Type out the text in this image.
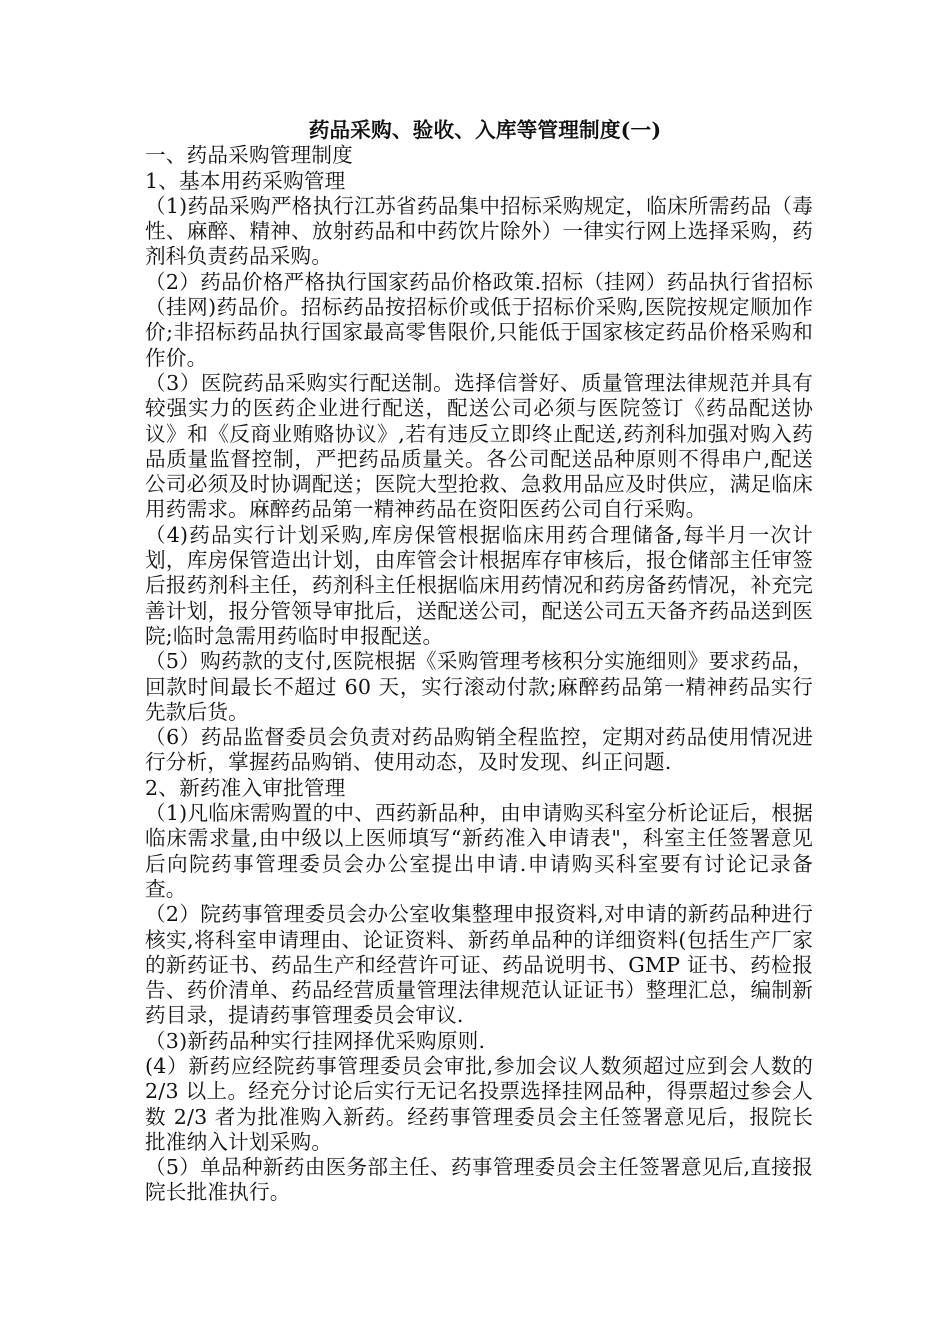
药品采购、验收、入库等管理制度(一)

一、药品采购管理制度

1、基本用药采购管理

（1)药品采购严格执行江苏省药品集中招标采购规定，临床所需药品（毒性、麻醉、精神、放射药品和中药饮片除外）一律实行网上选择采购，药剂科负责药品采购。

（2）药品价格严格执行国家药品价格政策.招标（挂网）药品执行省招标（挂网)药品价。招标药品按招标价或低于招标价采购,医院按规定顺加作价;非招标药品执行国家最高零售限价,只能低于国家核定药品价格采购和作价。

（3）医院药品采购实行配送制。选择信誉好、质量管理法律规范并具有较强实力的医药企业进行配送，配送公司必须与医院签订《药品配送协议》和《反商业贿赂协议》,若有违反立即终止配送,药剂科加强对购入药品质量监督控制，严把药品质量关。各公司配送品种原则不得串户,配送公司必须及时协调配送；医院大型抢救、急救用品应及时供应，满足临床用药需求。麻醉药品第一精神药品在资阳医药公司自行采购。

（4)药品实行计划采购,库房保管根据临床用药合理储备,每半月一次计划，库房保管造出计划，由库管会计根据库存审核后，报仓储部主任审签后报药剂科主任，药剂科主任根据临床用药情况和药房备药情况，补充完善计划，报分管领导审批后，送配送公司，配送公司五天备齐药品送到医院;临时急需用药临时申报配送。

（5）购药款的支付,医院根据《采购管理考核积分实施细则》要求药品，回款时间最长不超过 60 天，实行滚动付款;麻醉药品第一精神药品实行先款后货。

（6）药品监督委员会负责对药品购销全程监控，定期对药品使用情况进行分析，掌握药品购销、使用动态，及时发现、纠正问题.

2、新药准入审批管理

（1)凡临床需购置的中、西药新品种，由申请购买科室分析论证后，根据临床需求量,由中级以上医师填写“新药准入申请表"，科室主任签署意见后向院药事管理委员会办公室提出申请.申请购买科室要有讨论记录备查。

（2）院药事管理委员会办公室收集整理申报资料,对申请的新药品种进行核实,将科室申请理由、论证资料、新药单品种的详细资料(包括生产厂家的新药证书、药品生产和经营许可证、药品说明书、GMP 证书、药检报告、药价清单、药品经营质量管理法律规范认证证书）整理汇总，编制新药目录，提请药事管理委员会审议.

（3)新药品种实行挂网择优采购原则.

(4）新药应经院药事管理委员会审批,参加会议人数须超过应到会人数的 2/3 以上。经充分讨论后实行无记名投票选择挂网品种，得票超过参会人数 2/3 者为批准购入新药。经药事管理委员会主任签署意见后，报院长批准纳入计划采购。

（5）单品种新药由医务部主任、药事管理委员会主任签署意见后,直接报院长批准执行。
